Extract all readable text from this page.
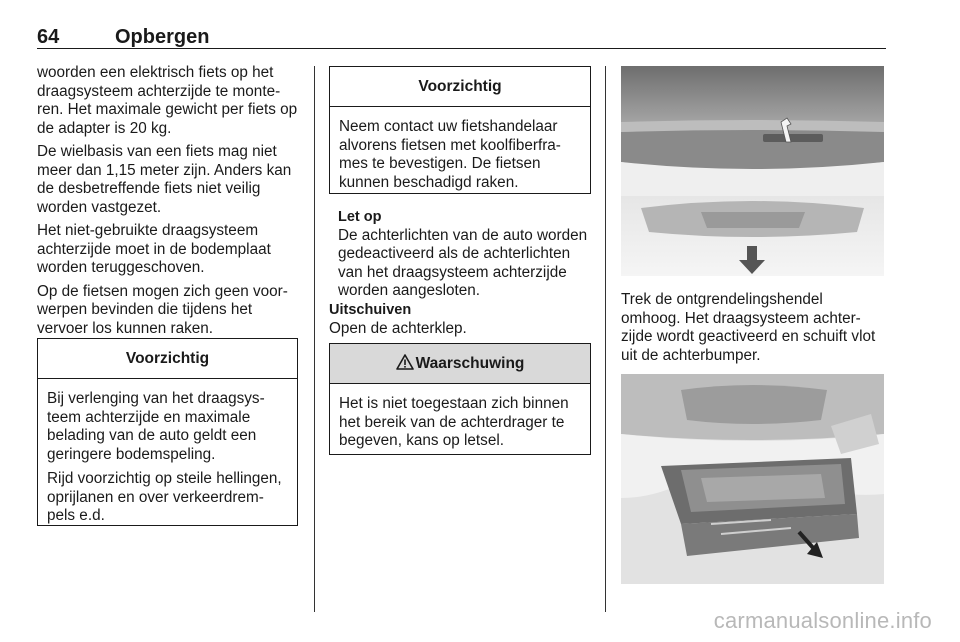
64	Opbergen

woorden een elektrisch fiets op het draagsysteem achterzijde te monte-ren. Het maximale gewicht per fiets op de adapter is 20 kg.

De wielbasis van een fiets mag niet meer dan 1,15 meter zijn. Anders kan de desbetreffende fiets niet veilig worden vastgezet.

Het niet-gebruikte draagsysteem achterzijde moet in de bodemplaat worden teruggeschoven.

Op de fietsen mogen zich geen voor-werpen bevinden die tijdens het vervoer los kunnen raken.

Voorzichtig

Bij verlenging van het draagsys-teem achterzijde en maximale belading van de auto geldt een geringere bodemspeling.

Rijd voorzichtig op steile hellingen, oprijlanen en over verkeerdrem-pels e.d.

Voorzichtig

Neem contact uw fietshandelaar alvorens fietsen met koolfiberfra-mes te bevestigen. De fietsen kunnen beschadigd raken.

Let op
De achterlichten van de auto worden gedeactiveerd als de achterlichten van het draagsysteem achterzijde worden aangesloten.
Uitschuiven
Open de achterklep.
Waarschuwing

Het is niet toegestaan zich binnen het bereik van de achterdrager te begeven, kans op letsel.

Trek de ontgrendelingshendel omhoog. Het draagsysteem achter-zijde wordt geactiveerd en schuift vlot uit de achterbumper.
carmanualsonline.info
